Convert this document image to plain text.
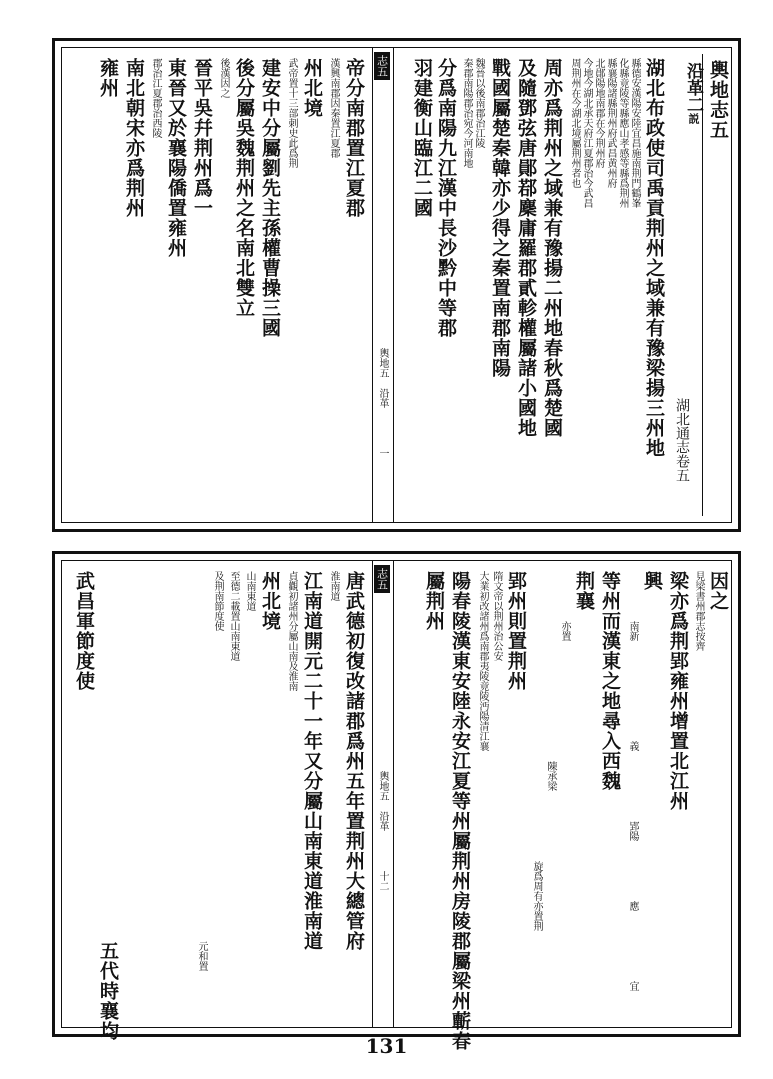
輿地志五
沿革二説
湖北通志卷五
湖北布政使司禹貢荆州之域兼有豫梁揚三州地
縣德安漢陽安陸宜昌施南荆門鶴峯
化縣竟陵等縣應山孝感等縣爲荆州
縣襄陽諸縣荆州府武昌黄州府
北鄖陽地南郡在今荆州府
今地今湖北承天府江夏郡治今武昌
周荆州在今湖北境屬荆州者也
周亦爲荆州之域兼有豫揚二州地春秋爲楚國
及隨鄧弦唐鄖鄀麇庸羅郡貳軫權屬諸小國地
戰國屬楚秦韓亦少得之秦置南郡南陽
魏晉以後南郡治江陵
秦郡南陽郡治宛今河南地
分爲南陽九江漢中長沙黔中等郡
羽建衡山臨江二國
志五
輿地五　沿革
一
帝分南郡置江夏郡
漢興南郡因秦置江夏郡
州北境
武帝置十三部刺史此爲荆
建安中分屬劉先主孫權曹操三國
後分屬吳魏荆州之名南北雙立
後漢因之
晉平吳幷荆州爲一
東晉又於襄陽僑置雍州
郡治江夏郡治西陵
南北朝宋亦爲荆州
雍州
因之
見梁書州郡志按齊
梁亦爲荆郢雍州增置北江州
興
南新
義
郢陽
應
宜
等州而漢東之地尋入西魏
荆襄
亦置
陳承梁
旋爲周有亦置荆
郢州則置荆州
隋文帝以荆州治公安
大業初改諸州爲南郡夷陵竟陵沔陽清江襄
陽春陵漢東安陸永安江夏等州屬荆州房陵郡屬梁州蘄春
屬荆州
志五
輿地五　沿革
十二
唐武德初復改諸郡爲州五年置荆州大總管府
淮南道
江南道開元二十一年又分屬山南東道淮南道
貞觀初諸州分屬山南及淮南
州北境
山南東道
至德二載置山南東道
及荆南節度使
元和置
武昌軍節度使
五代時襄均
131
